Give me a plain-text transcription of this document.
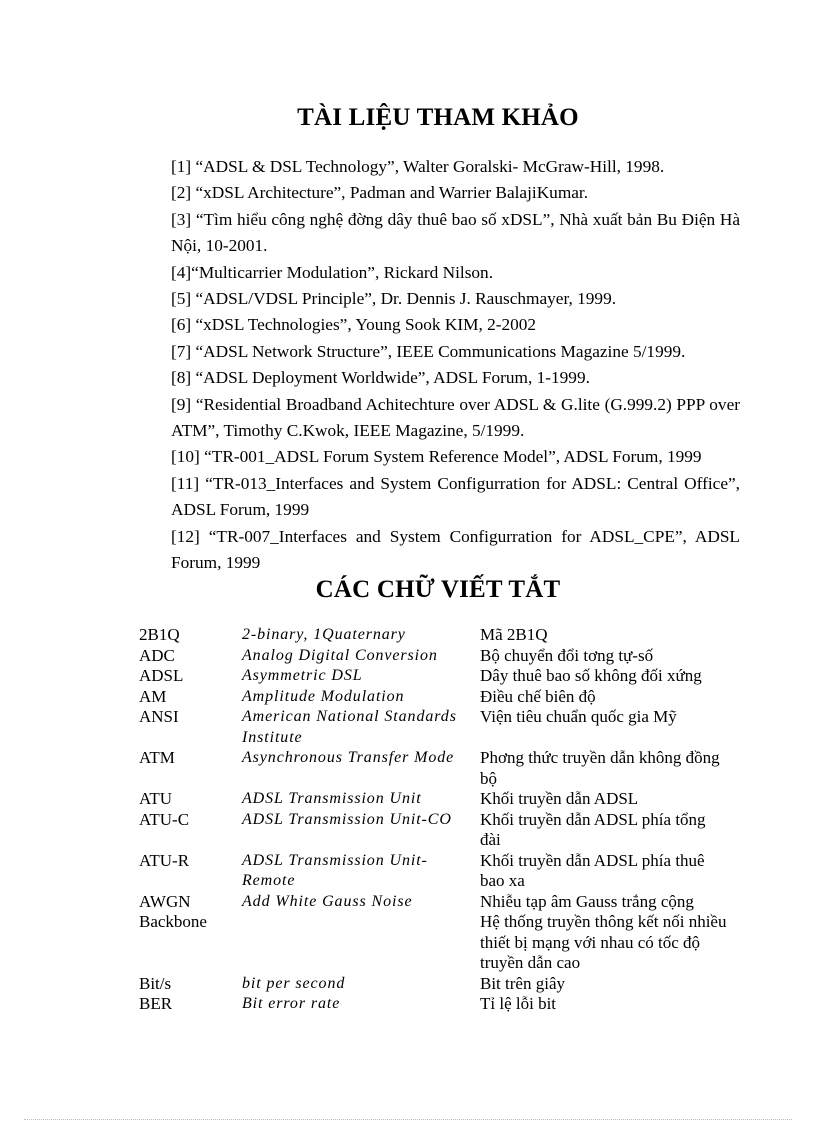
TÀI LIỆU THAM KHẢO
[1] “ADSL & DSL Technology”, Walter Goralski- McGraw-Hill, 1998.
[2] “xDSL Architecture”, Padman and Warrier BalajiKumar.
[3] “Tìm hiểu công nghệ đờng dây thuê bao số xDSL”, Nhà xuất bản Bu Điện Hà Nội, 10-2001.
[4]“Multicarrier Modulation”, Rickard Nilson.
[5] “ADSL/VDSL Principle”, Dr. Dennis J. Rauschmayer, 1999.
[6] “xDSL Technologies”, Young Sook KIM, 2-2002
[7] “ADSL Network Structure”, IEEE Communications Magazine 5/1999.
[8] “ADSL Deployment Worldwide”, ADSL Forum, 1-1999.
[9] “Residential Broadband Achitechture over ADSL & G.lite (G.999.2) PPP over ATM”, Timothy C.Kwok, IEEE Magazine, 5/1999.
[10] “TR-001_ADSL Forum System Reference Model”, ADSL Forum, 1999
[11] “TR-013_Interfaces and System Configurration for ADSL: Central Office”, ADSL Forum, 1999
[12] “TR-007_Interfaces and System Configurration for ADSL_CPE”, ADSL Forum, 1999
CÁC CHỮ VIẾT TẮT
2B1Q	2-binary, 1Quaternary	Mã 2B1Q
ADC	Analog Digital Conversion	Bộ chuyển đổi tơng tự-số
ADSL	Asymmetric DSL	Dây thuê bao số không đối xứng
AM	Amplitude Modulation	Điều chế biên độ
ANSI	American National Standards Institute	Viện tiêu chuẩn quốc gia Mỹ
ATM	Asynchronous Transfer Mode	Phơng thức truyền dẫn không đồng bộ
ATU	ADSL Transmission Unit	Khối truyền dẫn ADSL
ATU-C	ADSL Transmission Unit-CO	Khối truyền dẫn ADSL phía tổng đài
ATU-R	ADSL Transmission Unit-Remote	Khối truyền dẫn ADSL phía thuê bao xa
AWGN	Add White Gauss Noise	Nhiễu tạp âm Gauss trắng cộng
Backbone		Hệ thống truyền thông kết nối nhiều thiết bị mạng với nhau có tốc độ truyền dẫn cao
Bit/s	bit per second	Bit trên giây
BER	Bit error rate	Tỉ lệ lỗi bit
